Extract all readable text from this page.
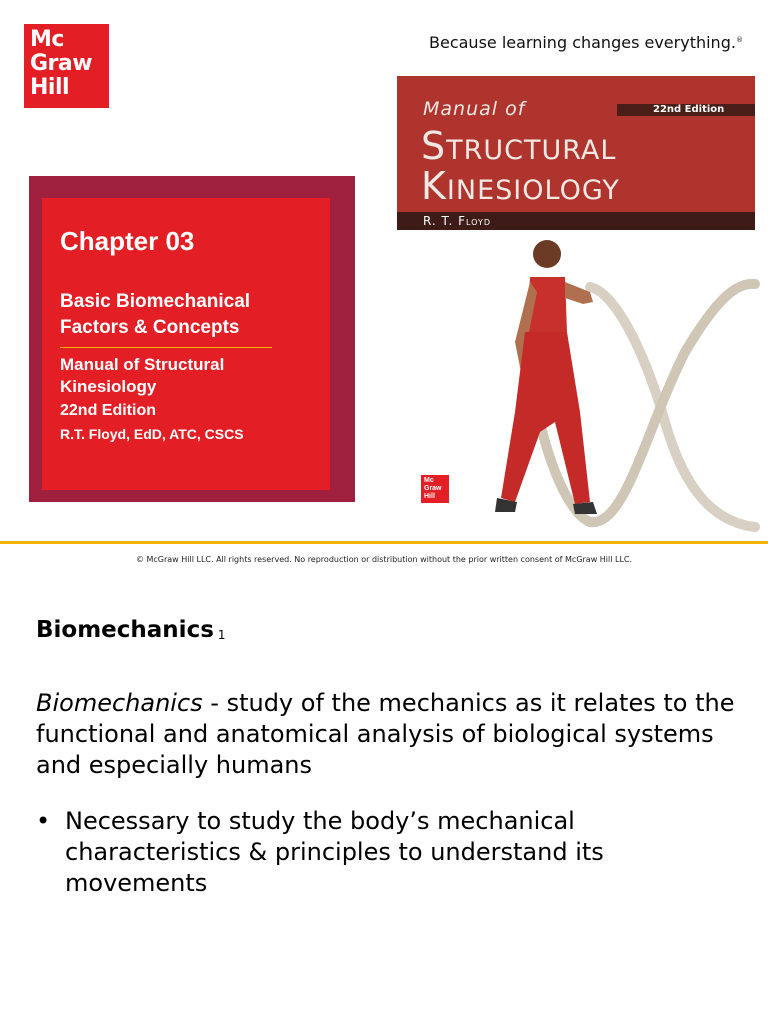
Mc
Graw
Hill
Because learning changes everything.®
Chapter 03
Basic Biomechanical
Factors & Concepts
Manual of Structural
Kinesiology
22nd Edition
R.T. Floyd, EdD, ATC, CSCS
Manual of	22nd Edition
Structural
Kinesiology
R. T. Floyd
Mc
Graw
Hill
© McGraw Hill LLC. All rights reserved. No reproduction or distribution without the prior written consent of McGraw Hill LLC.
Biomechanics $_1$
Biomechanics - study of the mechanics as it relates to the functional and anatomical analysis of biological systems and especially humans
• Necessary to study the body’s mechanical characteristics & principles to understand its movements
